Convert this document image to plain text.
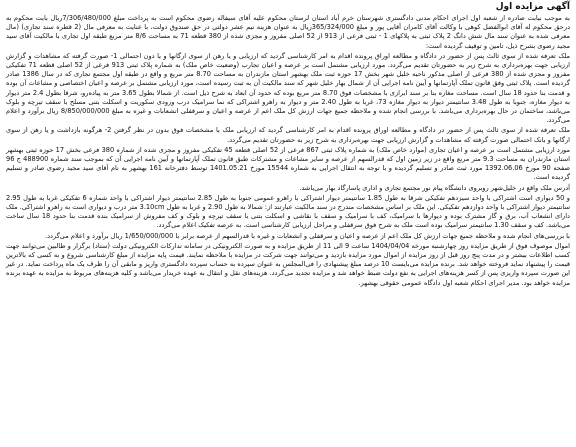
آگهی مزایده اول
به موجب نیابت صادره از شعبه اول اجرای احکام مدنی دادگستری شهرستان خرم آباد استان لرستان محکوم علیه آقای سیفاله رضوی محکوم است به پرداخت مبلغ 7/306/480/000ریال بابت محکوم به درحق محکوم له آقای ابوالفضل کوهی با وکالت آقای کامران آقایی پور و مبلغ 365/324/000ریال به عنوان هزینه نیم عشر دولتی در حق صندوق دولت، با عنایت به معرفی مال (2 قطره سند تجاری) (مال معرفی شده به عنوان سند مال شش دانگ 2 پلاک ثبتی به پلاکهای 1 - ثبتی فرعی از 913 از 52 اصلی مفروز و مجزی شده از 380 قطعه 71 به مساحت 8/6 متر مربع طبقه اول تجاری با مالکیت آقای سید مجید رضوی بشرح ذیل، تامین و توقیف گردیده است:
ملک تعرفه شده از سوی ثالث پس از حضور در دادگاه و مطالعه اوراق پرونده اقدام به امر کارشناسی گردید که ارزیابی و یا رهن از سوی ارگانها و یا دون احتمالی 1- صورت گرفته که مشاهدات و گزارش ارزیابی جهت بهره‌برداری به شرح زیر به حضورتان تقدیم می‌گردد. مورد ارزیابی مشتمل است بر عرصه و اعیان تجارب (وضعیت خاص ملک) به شماره پلاک ثبتی 913 فرعی از 52 اصلی قطعه 71 تفکیکی مفروز و مجزی شده از 380 فرعی از اصلی مذکور ناحیه خلیل شهر بخش 17 حوزه ثبت ملک بهشهر استان مازندران به مساحت 8.70 متر مربع و واقع در طبقه اول مجتمع تجاری که در سال 1386 صادر گردیده است. پلاک ثبتی وفق قانون تملک آپارتمانها و آیین نامه اجرایی آن از شمال بهار خلیل شهر که سند مالکیت آن به ثبت رسیده است، مورد ارزیابی مشتمل بر عرصه و اعیان اختصاصی و مشاعات آن بوده و قدمت بنا حدود 18 سال است. مساحت مغازه بنا بر سند ابرازی با مشخصات فوق 8.70 متر مربع بوده که حدود آن ابعاد به شرح ذیل است. از شمالا بطول 3.65 متر به پیاده‌رو، شرقا بطول 2.4 متر دیوار به دیوار مغازه، جنوبا به طول 3.48 سانتیمتر دیوار به دیوار مغازه 73، غربا به طول 2.40 متر و دیوار به راهرو اشتراکی که نما سرامیک درب ورودی سکوریت و اسکلت بتنی مسلح با سقف تیرچه و بلوک می‌باشد، ساختمان در حال بهره‌برداری می‌باشد. با بررسی انجام شده و ملاحظه جمیع جهات ارزش کل ملک اعم از عرصه و اعیان و سرقفلی انشعابات و غیره به مبلغ 8/850/000/000 ریال برآورد و اعلام می‌گردد.
ملک تعرفه شده از سوی ثالث پس از حضور در دادگاه و مطالعه اوراق پرونده اقدام به امر کارشناسی گردید که ارزیابی ملک با مشخصات فوق بدون در نظر گرفتن 2- هرگونه بازداشت و یا رهن از سوی ارگانها و بانک احتمالی صورت گرفته که مشاهدات و گزارش ارزیابی جهت بهره‌برداری به شرح زیر به حضورتان تقدیم می‌گردد.
مورد ارزیابی مشتمل است بر عرصه و اعیان تجاری (موارد خاص ملک) به شماره پلاک ثبتی 867 فرعی از 52 اصلی قطعه 45 تفکیکی مفروز و مجزی شده از شماره 380 فرعی بخش 17 حوزه ثبتی بهشهر استان مازندران به مساحت 9.3 متر مربع واقع در زیر زمین اول که قدرالسهم از عرصه و سایر مشاعات و مشترکات طبق قانون تملک آپارتمانها و آیین نامه اجرایی آن که بموجب سند شماره 488900 ج 96 صفحه 90 مورخ 1392.06.06 مورد ثبت صادر و تسلیم گردیده و با توجه به انتقال اجرایی به شماره 15544 مورخ 1401.05.21 توسط دفترخانه 161 بهشهر به نام آقای سید مجید رضوی صادر و تسلیم گردیده است.
آدرس ملک واقع در خلیل‌شهر روبروی دانشگاه پیام نور مجتمع تجاری و اداری پاسارگاد بهار می‌باشد.
و 50 دیواری است اشتراکی با واحد سیزدهم تفکیکی شرقا به طول 1.85 سانتیمتر دیوار اشتراکی با راهرو عمومی جنوبا به طول 2.85 سانتیمتر دیوار اشتراکی با واحد شماره 6 تفکیکی غربا به طول 2.95 سانتیمتر دیوار اشتراکی با واحد دوازدهم تفکیکی. این ملک بر اساس مشخصات مندرج در سند مالکیت عبارتند از: شمالا به طول 2.90 و غربا به طول 3.10cm متر درب و دیواری است به راهرو اشتراکی. ملک دارای انشعاب آب، برق و گاز مشترک بوده و دیوارها با سرامیک، کف با سرامیک و سقف با نقاشی و اسکلت بتنی با سقف تیرچه و بلوک و کف مفروش از سرامیک بنده قدمت بنا حدود 18 سال ساخت می‌باشد. کف و سقف 1.30 سانتیمتر سرامیک بوده است ملک به شرح فوق سرقفلی و مراحل ارزیابی کارشناسی است. به عرصه تفکیک اعلام می‌گردد.
با بررسی‌های انجام شده و ملاحظه جمیع جهات ارزش کل ملک اعم از عرصه و اعیان و سرقفلی و انشعابات و غیره با قدرالسهم از عرصه برابر با 1/650/000/000 ریال برآورد و اعلام می‌گردد.
اموال موصوف فوق از طریق مزایده روز چهارشنبه مورخه 1404/04/04 ساعت 9 الی 11 از طریق مزایده و به صورت الکترونیکی در سامانه تدارکات الکترونیکی دولت (ستاد) برگزار و طالبین می‌توانند جهت کسب اطلاعات بیشتر و در مدت پنج روز قبل از روز مزایده از اموال مورد مزایده بازدید و می‌توانند جهت شرکت در مزایده با ملاحظه نمایند. قیمت پایه مزایده از مبلغ کارشناسی شروع و به کسی که بالاترین قیمت را پیشنهاد نماید فروخته خواهد شد. برنده مزایده می‌بایست 10 درصد مبلغ پیشنهادی را فی‌المجلس به عنوان سپرده به حساب سپرده دادگستری واریز و مابقی آن را ظرف یک ماه پرداخت نماید. در غیر این صورت سپرده واریزی پس از کسر هزینه‌های اجرایی به نفع دولت ضبط خواهد شد و مزایده تجدید می‌گردد. هزینه‌های نقل و انتقال به عهده خریدار می‌باشد و کلیه هزینه‌های مربوط به مزایده به عهده برنده مزایده خواهد بود. مدیر اجرای احکام شعبه اول دادگاه عمومی حقوقی بهشهر.
